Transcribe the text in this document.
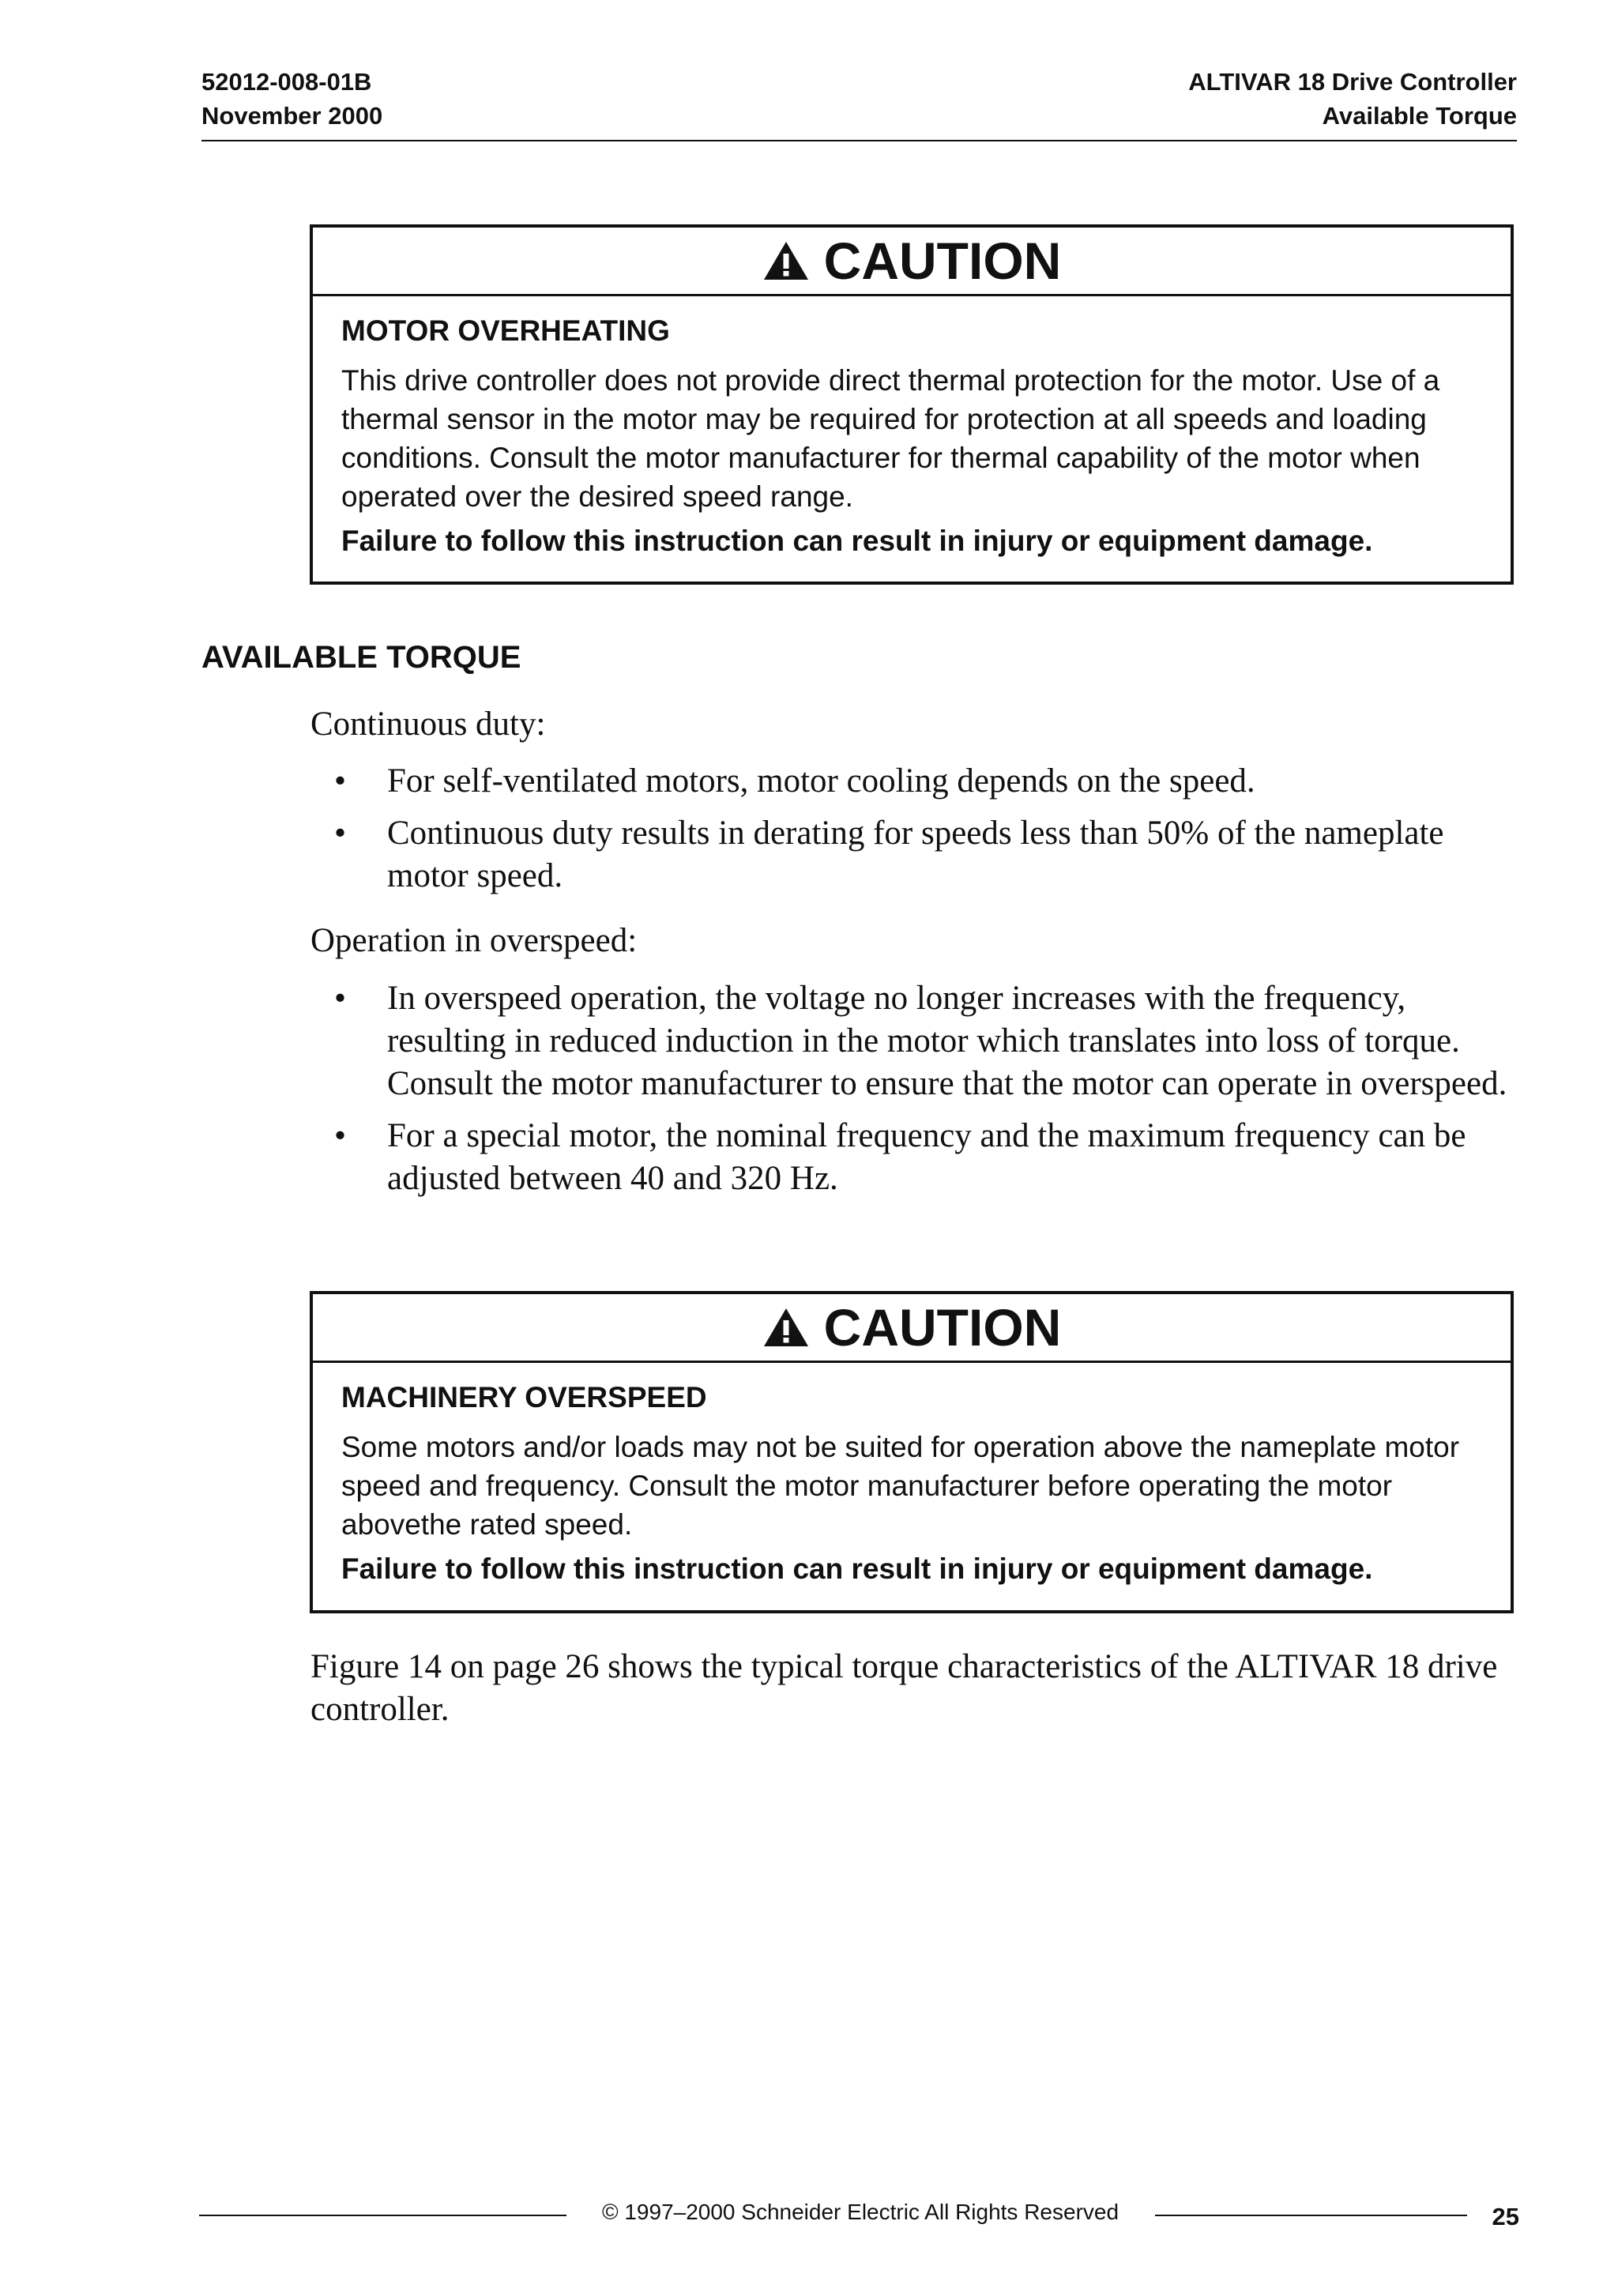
52012-008-01B
November 2000
ALTIVAR 18 Drive Controller
Available Torque
CAUTION
MOTOR OVERHEATING
This drive controller does not provide direct thermal protection for the motor. Use of a thermal sensor in the motor may be required for protection at all speeds and loading conditions. Consult the motor manufacturer for thermal capability of the motor when operated over the desired speed range.
Failure to follow this instruction can result in injury or equipment damage.
AVAILABLE TORQUE
Continuous duty:
• For self-ventilated motors, motor cooling depends on the speed.
• Continuous duty results in derating for speeds less than 50% of the nameplate motor speed.
Operation in overspeed:
• In overspeed operation, the voltage no longer increases with the frequency, resulting in reduced induction in the motor which translates into loss of torque. Consult the motor manufacturer to ensure that the motor can operate in overspeed.
• For a special motor, the nominal frequency and the maximum frequency can be adjusted between 40 and 320 Hz.
CAUTION
MACHINERY OVERSPEED
Some motors and/or loads may not be suited for operation above the nameplate motor speed and frequency. Consult the motor manufacturer before operating the motor abovethe rated speed.
Failure to follow this instruction can result in injury or equipment damage.
Figure 14 on page 26 shows the typical torque characteristics of the ALTIVAR 18 drive controller.
© 1997–2000 Schneider Electric All Rights Reserved	25
